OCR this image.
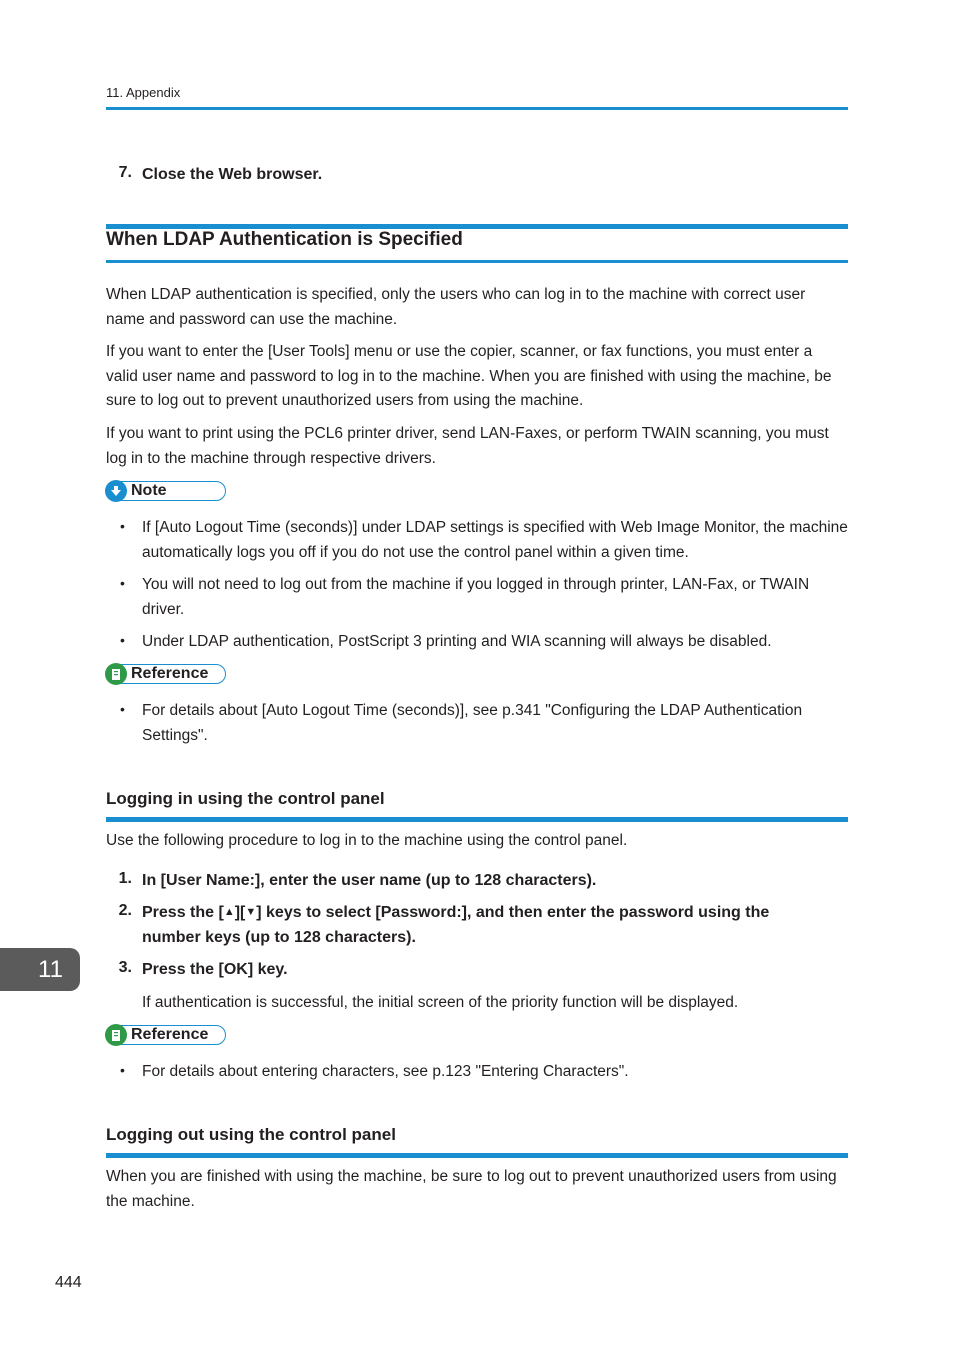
11. Appendix
7. Close the Web browser.
When LDAP Authentication is Specified
When LDAP authentication is specified, only the users who can log in to the machine with correct user name and password can use the machine.
If you want to enter the [User Tools] menu or use the copier, scanner, or fax functions, you must enter a valid user name and password to log in to the machine. When you are finished with using the machine, be sure to log out to prevent unauthorized users from using the machine.
If you want to print using the PCL6 printer driver, send LAN-Faxes, or perform TWAIN scanning, you must log in to the machine through respective drivers.
Note
• If [Auto Logout Time (seconds)] under LDAP settings is specified with Web Image Monitor, the machine automatically logs you off if you do not use the control panel within a given time.
• You will not need to log out from the machine if you logged in through printer, LAN-Fax, or TWAIN driver.
• Under LDAP authentication, PostScript 3 printing and WIA scanning will always be disabled.
Reference
• For details about [Auto Logout Time (seconds)], see p.341 "Configuring the LDAP Authentication Settings".
Logging in using the control panel
Use the following procedure to log in to the machine using the control panel.
1. In [User Name:], enter the user name (up to 128 characters).
2. Press the [▲][▼] keys to select [Password:], and then enter the password using the number keys (up to 128 characters).
3. Press the [OK] key.
If authentication is successful, the initial screen of the priority function will be displayed.
Reference
• For details about entering characters, see p.123 "Entering Characters".
Logging out using the control panel
When you are finished with using the machine, be sure to log out to prevent unauthorized users from using the machine.
11
444
